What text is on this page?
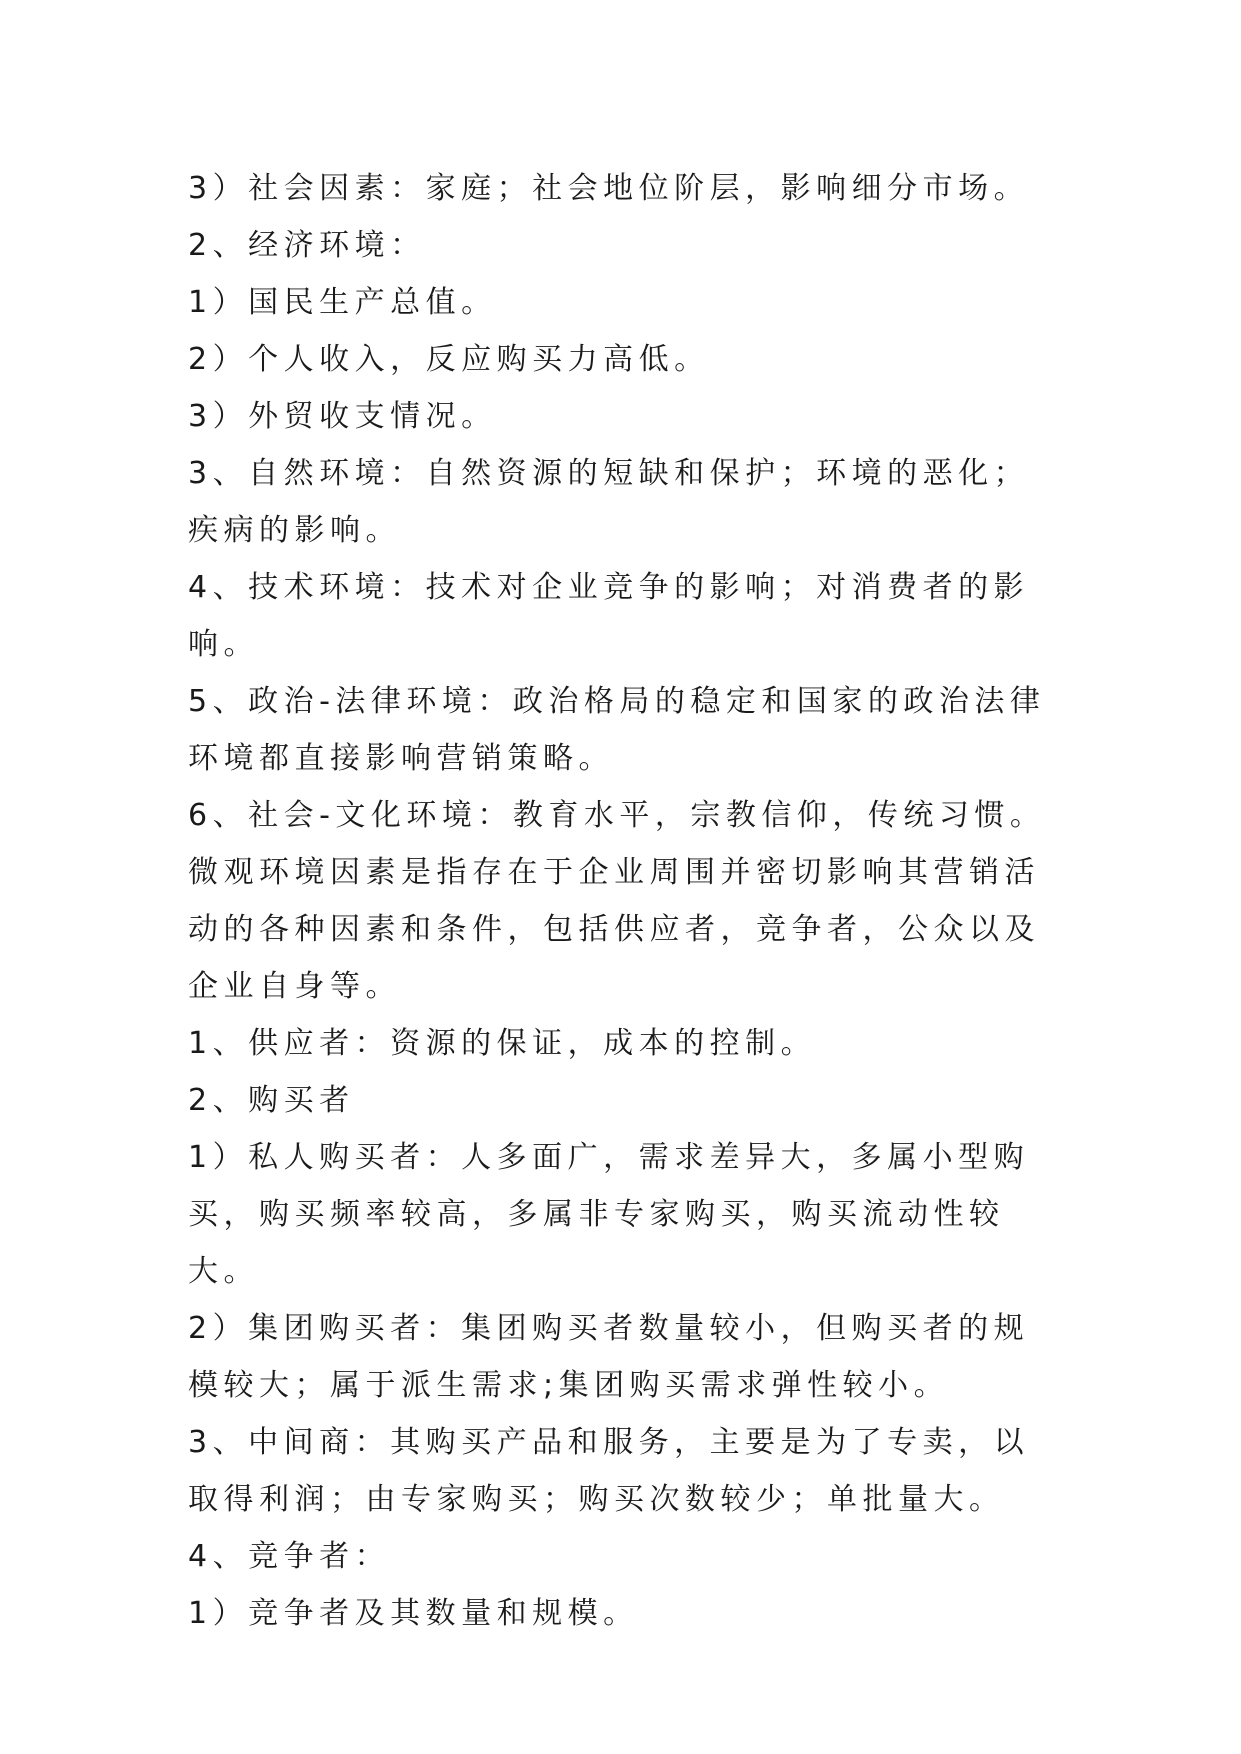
3）社会因素：家庭；社会地位阶层，影响细分市场。

2、经济环境：

1）国民生产总值。

2）个人收入，反应购买力高低。

3）外贸收支情况。

3、自然环境：自然资源的短缺和保护；环境的恶化；疾病的影响。

4、技术环境：技术对企业竞争的影响；对消费者的影响。

5、政治-法律环境：政治格局的稳定和国家的政治法律环境都直接影响营销策略。

6、社会-文化环境：教育水平，宗教信仰，传统习惯。

微观环境因素是指存在于企业周围并密切影响其营销活动的各种因素和条件，包括供应者，竞争者，公众以及企业自身等。

1、供应者：资源的保证，成本的控制。

2、购买者

1）私人购买者：人多面广，需求差异大，多属小型购买，购买频率较高，多属非专家购买，购买流动性较大。

2）集团购买者：集团购买者数量较小，但购买者的规模较大；属于派生需求;集团购买需求弹性较小。

3、中间商：其购买产品和服务，主要是为了专卖，以取得利润；由专家购买；购买次数较少；单批量大。

4、竞争者：

1）竞争者及其数量和规模。
